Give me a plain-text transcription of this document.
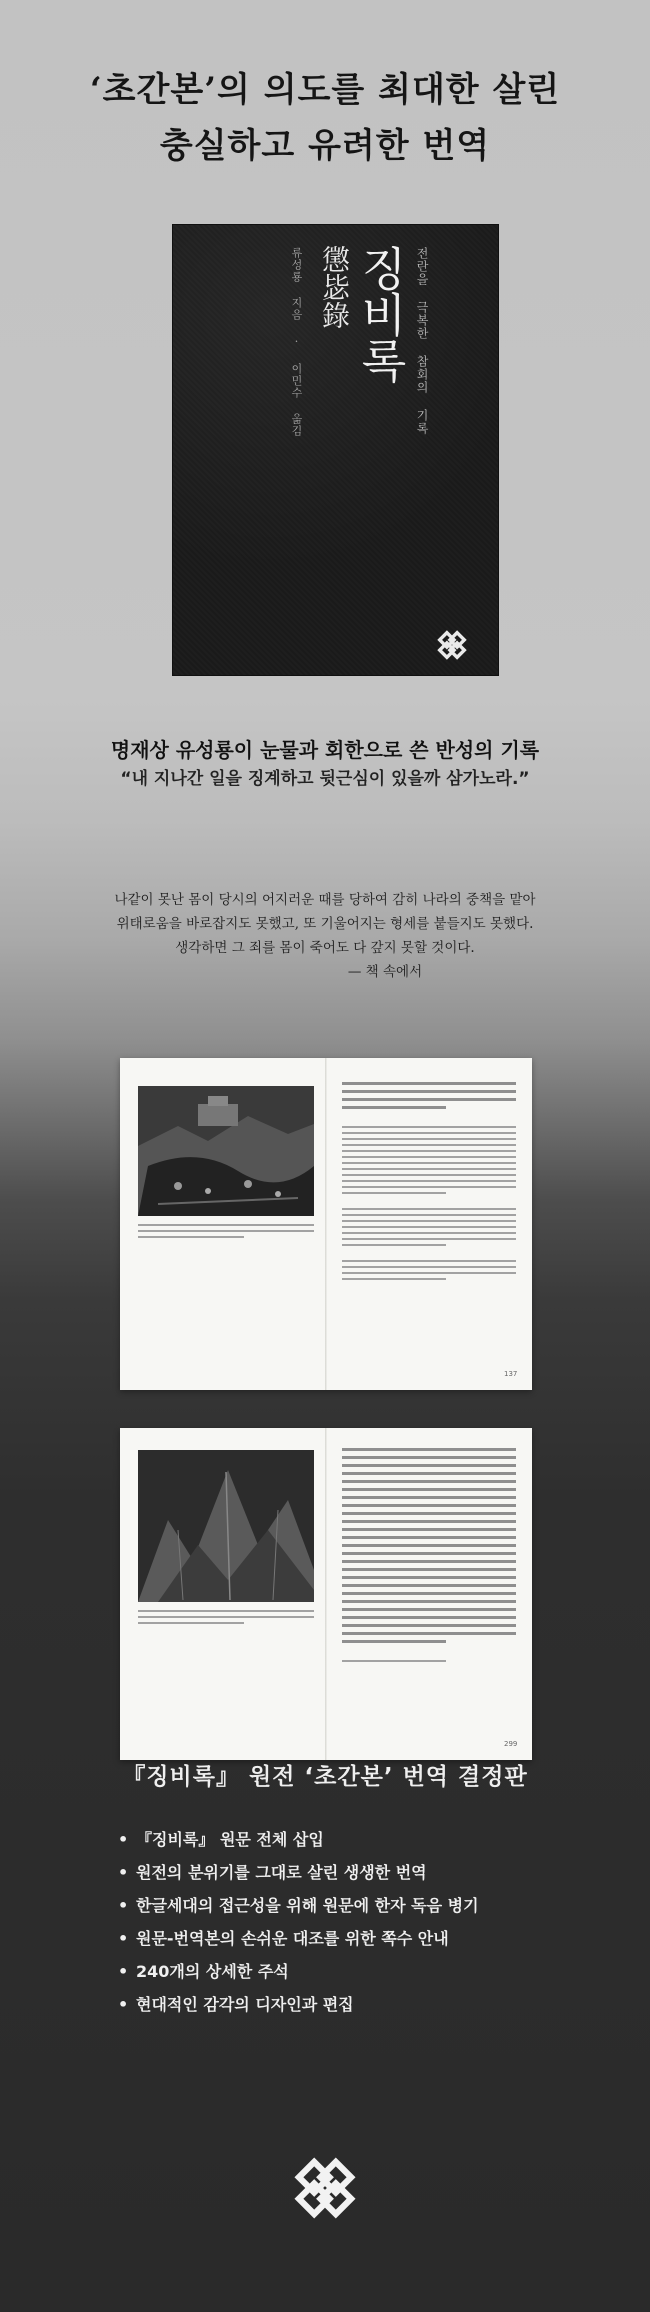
‘초간본’의 의도를 최대한 살린
충실하고 유려한 번역
류성룡 지음 · 이민수 옮김 懲毖錄 징비록 전란을 극복한 참회의 기록
명재상 유성룡이 눈물과 회한으로 쓴 반성의 기록
“내 지나간 일을 징계하고 뒷근심이 있을까 삼가노라.”
나같이 못난 몸이 당시의 어지러운 때를 당하여 감히 나라의 중책을 맡아
위태로움을 바로잡지도 못했고, 또 기울어지는 형세를 붙들지도 못했다.
생각하면 그 죄를 몸이 죽어도 다 갚지 못할 것이다.
— 책 속에서
137
299
『징비록』 원전 ‘초간본’ 번역 결정판
• 『징비록』 원문 전체 삽입
• 원전의 분위기를 그대로 살린 생생한 번역
• 한글세대의 접근성을 위해 원문에 한자 독음 병기
• 원문-번역본의 손쉬운 대조를 위한 쪽수 안내
• 240개의 상세한 주석
• 현대적인 감각의 디자인과 편집
